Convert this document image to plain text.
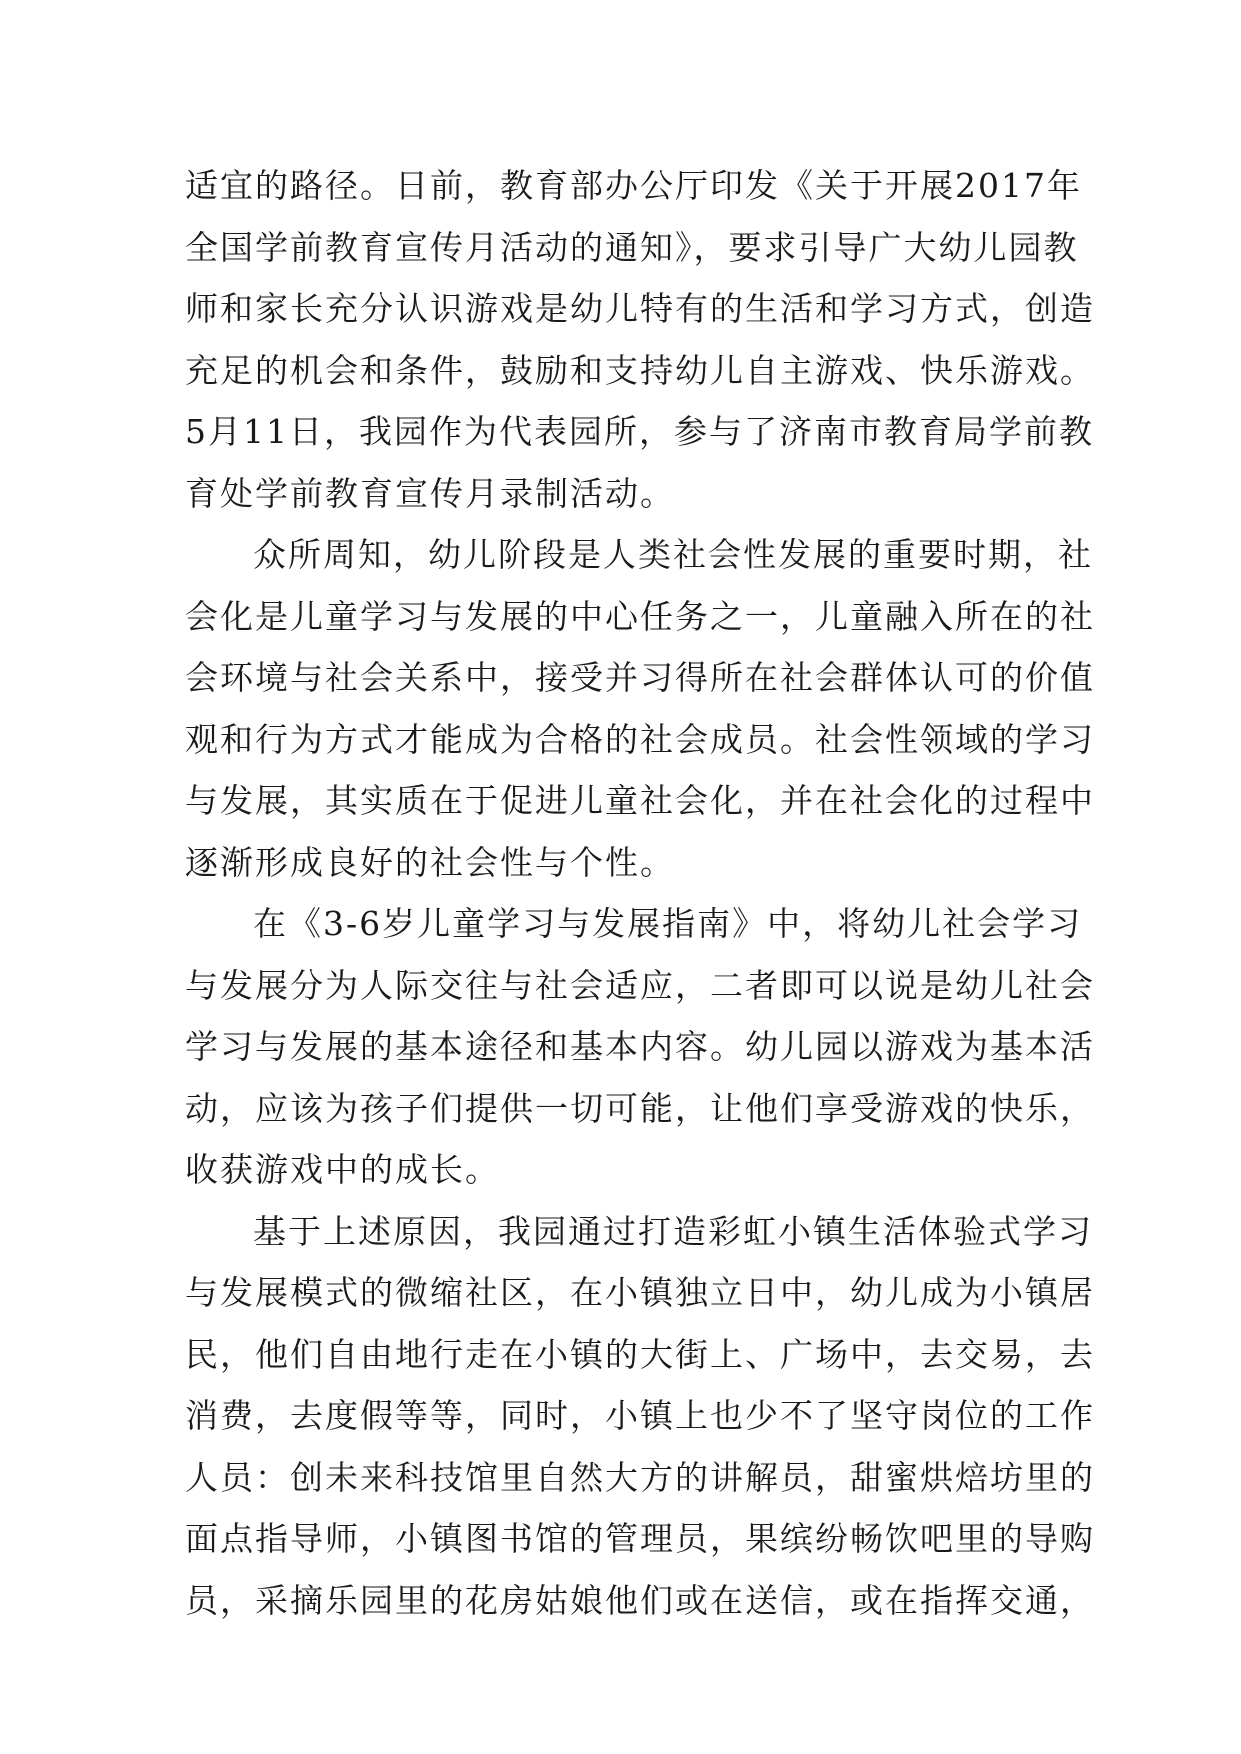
适宜的路径。日前，教育部办公厅印发《关于开展2017年
全国学前教育宣传月活动的通知》，要求引导广大幼儿园教
师和家长充分认识游戏是幼儿特有的生活和学习方式，创造
充足的机会和条件，鼓励和支持幼儿自主游戏、快乐游戏。
5月11日，我园作为代表园所，参与了济南市教育局学前教
育处学前教育宣传月录制活动。
众所周知，幼儿阶段是人类社会性发展的重要时期，社
会化是儿童学习与发展的中心任务之一，儿童融入所在的社
会环境与社会关系中，接受并习得所在社会群体认可的价值
观和行为方式才能成为合格的社会成员。社会性领域的学习
与发展，其实质在于促进儿童社会化，并在社会化的过程中
逐渐形成良好的社会性与个性。
在《3-6岁儿童学习与发展指南》中，将幼儿社会学习
与发展分为人际交往与社会适应，二者即可以说是幼儿社会
学习与发展的基本途径和基本内容。幼儿园以游戏为基本活
动，应该为孩子们提供一切可能，让他们享受游戏的快乐，
收获游戏中的成长。
基于上述原因，我园通过打造彩虹小镇生活体验式学习
与发展模式的微缩社区，在小镇独立日中，幼儿成为小镇居
民，他们自由地行走在小镇的大街上、广场中，去交易，去
消费，去度假等等，同时，小镇上也少不了坚守岗位的工作
人员：创未来科技馆里自然大方的讲解员，甜蜜烘焙坊里的
面点指导师，小镇图书馆的管理员，果缤纷畅饮吧里的导购
员，采摘乐园里的花房姑娘他们或在送信，或在指挥交通，
